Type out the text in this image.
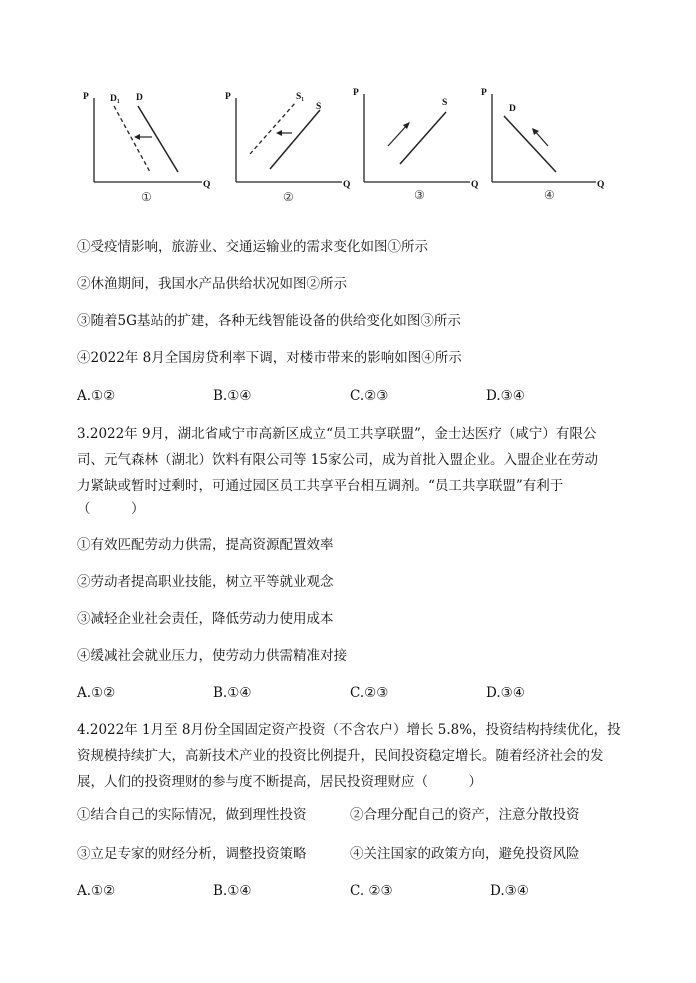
P
Q
D₁ D
①
P
Q
S₁
S
②
P
Q
S
③
P
Q
D
④
①受疫情影响，旅游业、交通运输业的需求变化如图①所示
②休渔期间，我国水产品供给状况如图②所示
③随着5G基站的扩建，各种无线智能设备的供给变化如图③所示
④2022年 8月全国房贷利率下调，对楼市带来的影响如图④所示
A.①②	B.①④	C.②③	D.③④
3.2022年 9月，湖北省咸宁市高新区成立“员工共享联盟”，金士达医疗（咸宁）有限公
司、元气森林（湖北）饮料有限公司等 15家公司，成为首批入盟企业。入盟企业在劳动
力紧缺或暂时过剩时，可通过园区员工共享平台相互调剂。“员工共享联盟”有利于
（　　　）
①有效匹配劳动力供需，提高资源配置效率
②劳动者提高职业技能，树立平等就业观念
③减轻企业社会责任，降低劳动力使用成本
④缓减社会就业压力，使劳动力供需精准对接
A.①②	B.①④	C.②③	D.③④
4.2022年 1月至 8月份全国固定资产投资（不含农户）增长 5.8%，投资结构持续优化，投
资规模持续扩大，高新技术产业的投资比例提升，民间投资稳定增长。随着经济社会的发
展，人们的投资理财的参与度不断提高，居民投资理财应（　　　）
①结合自己的实际情况，做到理性投资	②合理分配自己的资产，注意分散投资
③立足专家的财经分析，调整投资策略	④关注国家的政策方向，避免投资风险
A.①②	B.①④	C. ②③	D.③④
